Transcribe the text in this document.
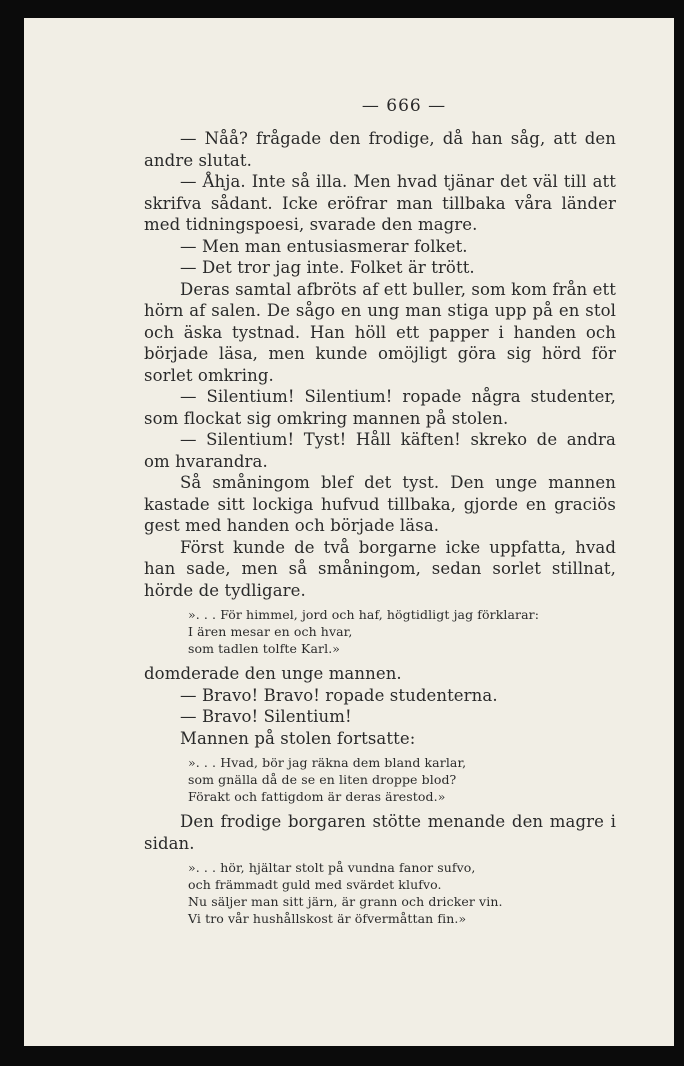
— 666 —

— Nåå? frågade den frodige, då han såg, att den andre slutat.

— Åhja. Inte så illa. Men hvad tjänar det väl till att skrifva sådant. Icke eröfrar man tillbaka våra länder med tidningspoesi, svarade den magre.

— Men man entusiasmerar folket.

— Det tror jag inte. Folket är trött.

Deras samtal afbröts af ett buller, som kom från ett hörn af salen. De sågo en ung man stiga upp på en stol och äska tystnad. Han höll ett papper i handen och började läsa, men kunde omöjligt göra sig hörd för sorlet omkring.

— Silentium! Silentium! ropade några studenter, som flockat sig omkring mannen på stolen.

— Silentium! Tyst! Håll käften! skreko de andra om hvarandra.

Så småningom blef det tyst. Den unge mannen kastade sitt lockiga hufvud tillbaka, gjorde en graciös gest med handen och började läsa.

Först kunde de två borgarne icke uppfatta, hvad han sade, men så småningom, sedan sorlet stillnat, hörde de tydligare.

». . . För himmel, jord och haf, högtidligt jag förklarar:
I ären mesar en och hvar,
som tadlen tolfte Karl.»

domderade den unge mannen.

— Bravo! Bravo! ropade studenterna.

— Bravo! Silentium!

Mannen på stolen fortsatte:

». . . Hvad, bör jag räkna dem bland karlar,
som gnälla då de se en liten droppe blod?
Förakt och fattigdom är deras ärestod.»

Den frodige borgaren stötte menande den magre i sidan.

». . . hör, hjältar stolt på vundna fanor sufvo,
och främmadt guld med svärdet klufvo.
Nu säljer man sitt järn, är grann och dricker vin.
Vi tro vår hushållskost är öfvermåttan fin.»
